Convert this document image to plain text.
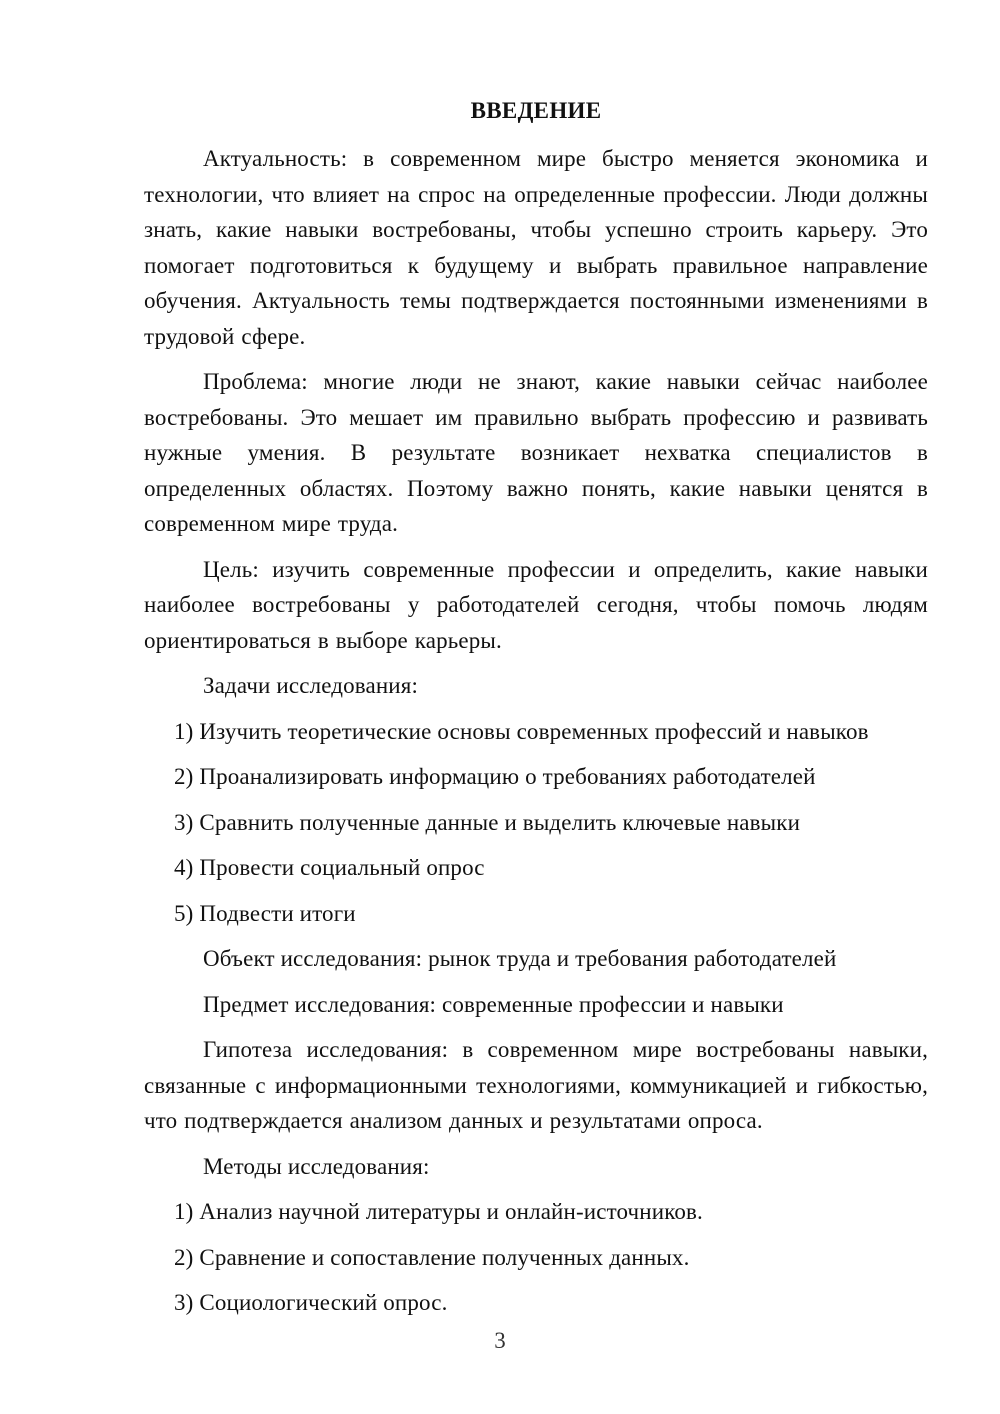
ВВЕДЕНИЕ

Актуальность: в современном мире быстро меняется экономика и технологии, что влияет на спрос на определенные профессии. Люди должны знать, какие навыки востребованы, чтобы успешно строить карьеру. Это помогает подготовиться к будущему и выбрать правильное направление обучения. Актуальность темы подтверждается постоянными изменениями в трудовой сфере.

Проблема: многие люди не знают, какие навыки сейчас наиболее востребованы. Это мешает им правильно выбрать профессию и развивать нужные умения. В результате возникает нехватка специалистов в определенных областях. Поэтому важно понять, какие навыки ценятся в современном мире труда.

Цель: изучить современные профессии и определить, какие навыки наиболее востребованы у работодателей сегодня, чтобы помочь людям ориентироваться в выборе карьеры.

Задачи исследования:

1) Изучить теоретические основы современных профессий и навыков

2) Проанализировать информацию о требованиях работодателей

3) Сравнить полученные данные и выделить ключевые навыки

4) Провести социальный опрос

5) Подвести итоги

Объект исследования: рынок труда и требования работодателей

Предмет исследования: современные профессии и навыки

Гипотеза исследования: в современном мире востребованы навыки, связанные с информационными технологиями, коммуникацией и гибкостью, что подтверждается анализом данных и результатами опроса.

Методы исследования:

1) Анализ научной литературы и онлайн-источников.

2) Сравнение и сопоставление полученных данных.

3) Социологический опрос.

3
